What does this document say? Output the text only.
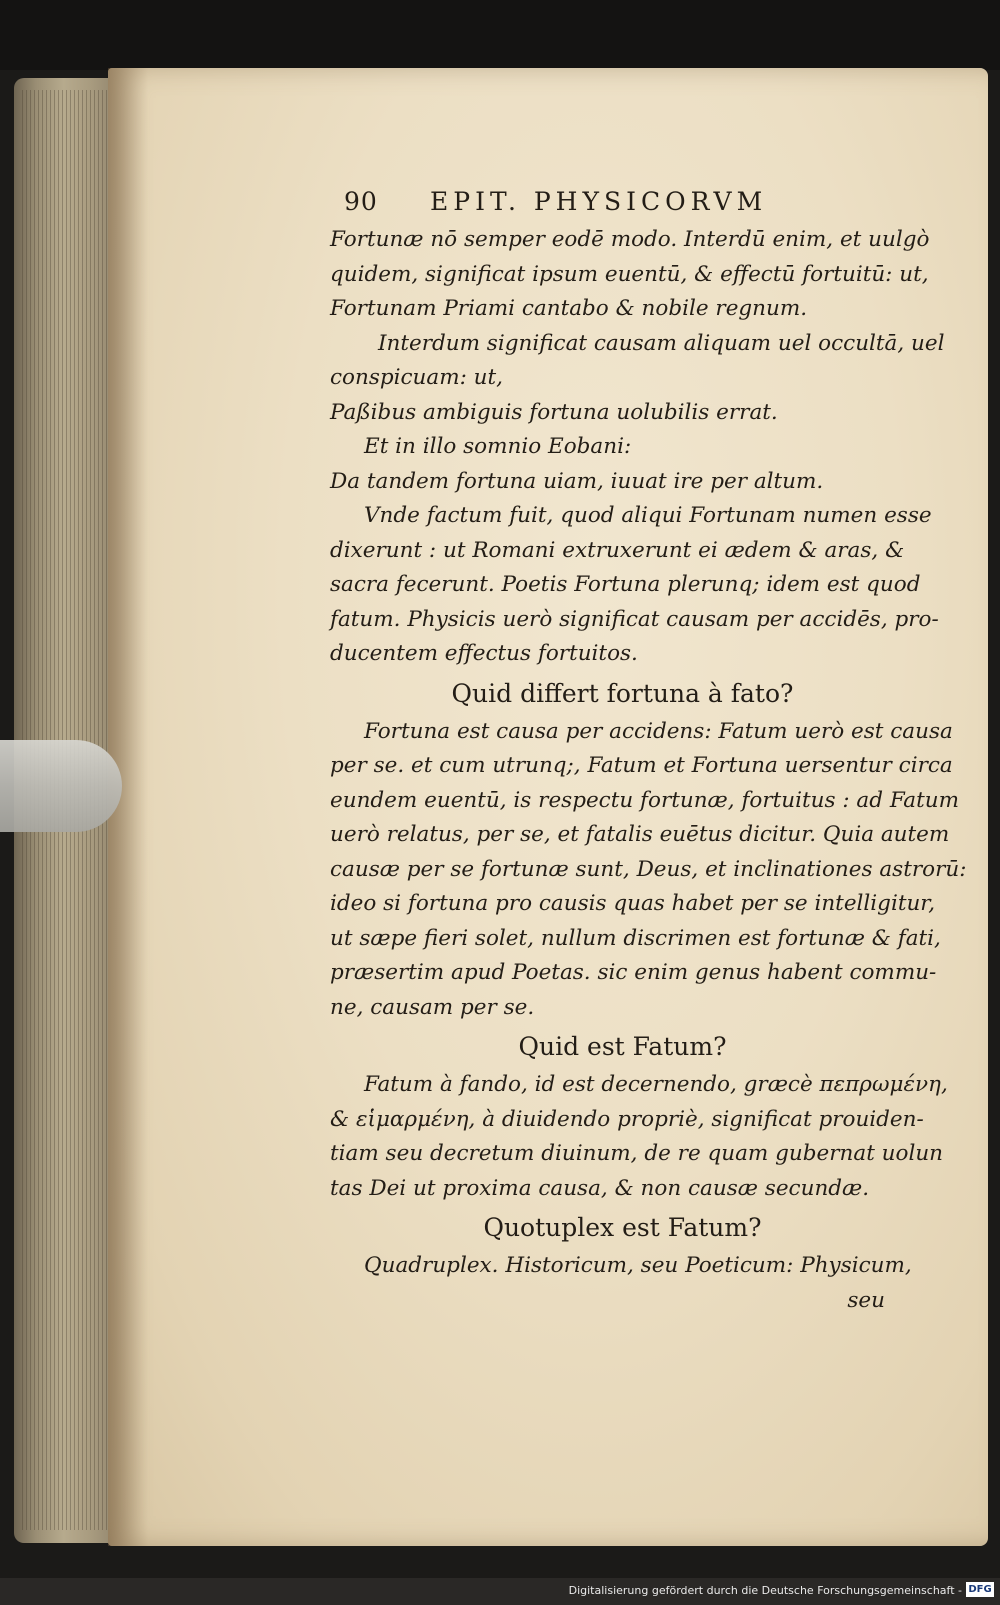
90 EPIT. PHYSICORVM
Fortunæ nō semper eodē modo. Interdū enim, et uulgò
quidem, significat ipsum euentū, & effectū fortuitū: ut,
Fortunam Priami cantabo & nobile regnum.
Interdum significat causam aliquam uel occultā, uel
conspicuam: ut,
Paßibus ambiguis fortuna uolubilis errat.
Et in illo somnio Eobani:
Da tandem fortuna uiam, iuuat ire per altum.
Vnde factum fuit, quod aliqui Fortunam numen esse
dixerunt : ut Romani extruxerunt ei ædem & aras, &
sacra fecerunt. Poetis Fortuna plerunq; idem est quod
fatum. Physicis uerò significat causam per accidēs, pro-
ducentem effectus fortuitos.
Quid differt fortuna à fato?
Fortuna est causa per accidens: Fatum uerò est causa
per se. et cum utrunq;, Fatum et Fortuna uersentur circa
eundem euentū, is respectu fortunæ, fortuitus : ad Fatum
uerò relatus, per se, et fatalis euētus dicitur. Quia autem
causæ per se fortunæ sunt, Deus, et inclinationes astrorū:
ideo si fortuna pro causis quas habet per se intelligitur,
ut sæpe fieri solet, nullum discrimen est fortunæ & fati,
præsertim apud Poetas. sic enim genus habent commu-
ne, causam per se.
Quid est Fatum?
Fatum à fando, id est decernendo, græcè πεπρωμένη,
& εἱμαρμένη, à diuidendo propriè, significat prouiden-
tiam seu decretum diuinum, de re quam gubernat uolun
tas Dei ut proxima causa, & non causæ secundæ.
Quotuplex est Fatum?
Quadruplex. Historicum, seu Poeticum: Physicum,
seu
Digitalisierung gefördert durch die Deutsche Forschungsgemeinschaft - DFG
